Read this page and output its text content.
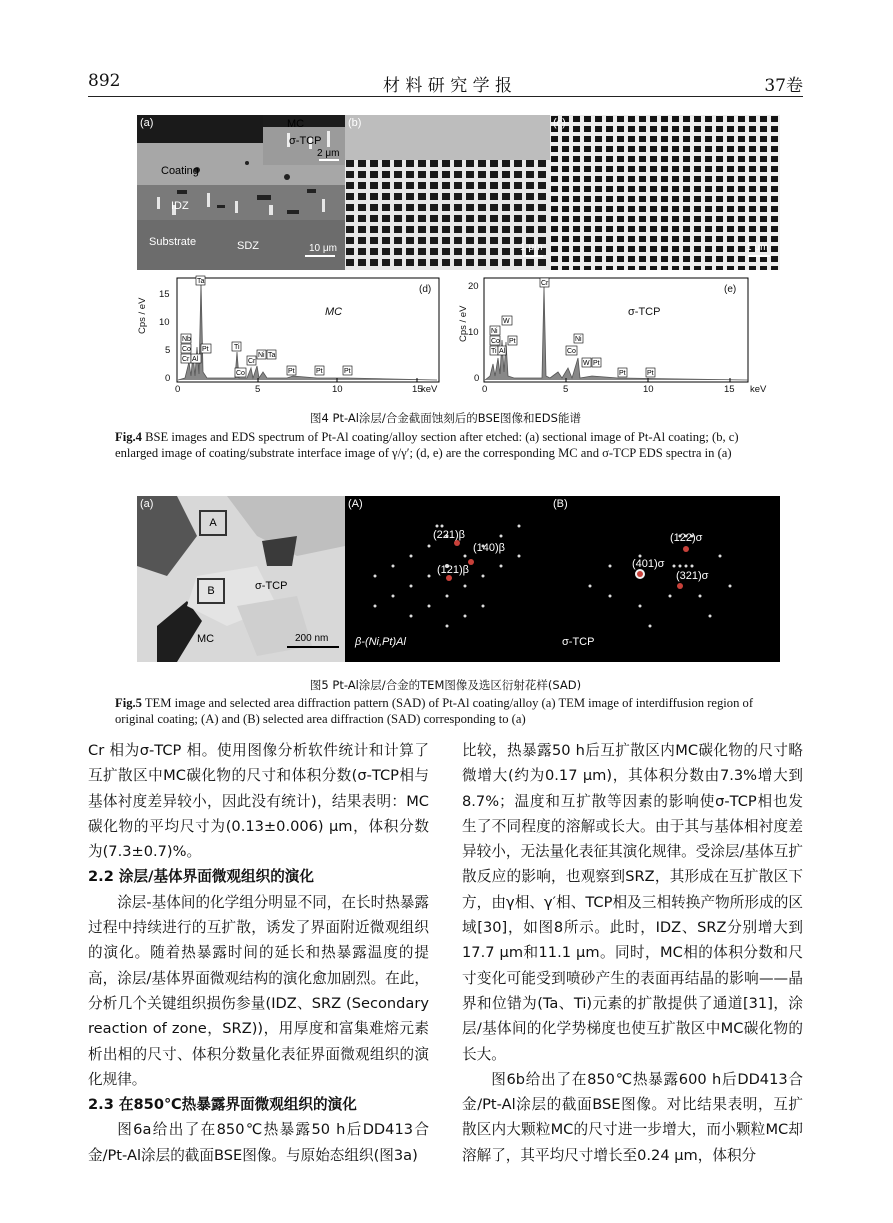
892	材 料 研 究 学 报	37卷
(a)	MC
σ-TCP
2 μm
Coating
IDZ
Substrate	SDZ	10 μm
(b)
1 μm
(c)
1 μm
Ta
Nb
Co
Cr Al
Pt	Ti
Cr
Co
Ni Ta
Pt	Pt	Pt
Cps / eV
0
5
10
15
0	5	10	15
keV
MC
(d)
Cr
W
Ni
Co
Ti Al
Pt	Ni
Co
W Pt
Pt	Pt
Cps / eV
0
10
20
0	5	10	15 keV
σ-TCP
(e)
图4 Pt-Al涂层/合金截面蚀刻后的BSE图像和EDS能谱
Fig.4 BSE images and EDS spectrum of Pt-Al coating/alloy section after etched: (a) sectional image of Pt-Al coating; (b, c) enlarged image of coating/substrate interface image of γ/γ′; (d, e) are the corresponding MC and σ-TCP EDS spectra in (a)
A
B
(a)
σ-TCP
MC	200 nm
(A)
(221)β
(140)β
(121)β
β-(Ni,Pt)Al
(B)
(122)σ
(401)σ
(321)σ
σ-TCP
图5 Pt-Al涂层/合金的TEM图像及选区衍射花样(SAD)
Fig.5 TEM image and selected area diffraction pattern (SAD) of Pt-Al coating/alloy (a) TEM image of interdiffusion region of original coating; (A) and (B) selected area diffraction (SAD) corresponding to (a)

Cr 相为σ-TCP 相。使用图像分析软件统计和计算了互扩散区中MC碳化物的尺寸和体积分数(σ-TCP相与基体衬度差异较小，因此没有统计)，结果表明：MC碳化物的平均尺寸为(0.13±0.006) μm，体积分数为(7.3±0.7)%。

2.2 涂层/基体界面微观组织的演化

涂层-基体间的化学组分明显不同，在长时热暴露过程中持续进行的互扩散，诱发了界面附近微观组织的演化。随着热暴露时间的延长和热暴露温度的提高，涂层/基体界面微观结构的演化愈加剧烈。在此，分析几个关键组织损伤参量(IDZ、SRZ (Secondary reaction of zone，SRZ))，用厚度和富集难熔元素析出相的尺寸、体积分数量化表征界面微观组织的演化规律。

2.3 在850℃热暴露界面微观组织的演化

图6a给出了在850℃热暴露50 h后DD413合金/Pt-Al涂层的截面BSE图像。与原始态组织(图3a)

比较，热暴露50 h后互扩散区内MC碳化物的尺寸略微增大(约为0.17 μm)，其体积分数由7.3%增大到8.7%；温度和互扩散等因素的影响使σ-TCP相也发生了不同程度的溶解或长大。由于其与基体相衬度差异较小，无法量化表征其演化规律。受涂层/基体互扩散反应的影响，也观察到SRZ，其形成在互扩散区下方，由γ相、γ′相、TCP相及三相转换产物所形成的区域[30]，如图8所示。此时，IDZ、SRZ分别增大到17.7 μm和11.1 μm。同时，MC相的体积分数和尺寸变化可能受到喷砂产生的表面再结晶的影响——晶界和位错为(Ta、Ti)元素的扩散提供了通道[31]，涂层/基体间的化学势梯度也使互扩散区中MC碳化物的长大。

图6b给出了在850℃热暴露600 h后DD413合金/Pt-Al涂层的截面BSE图像。对比结果表明，互扩散区内大颗粒MC的尺寸进一步增大，而小颗粒MC却溶解了，其平均尺寸增长至0.24 μm，体积分
